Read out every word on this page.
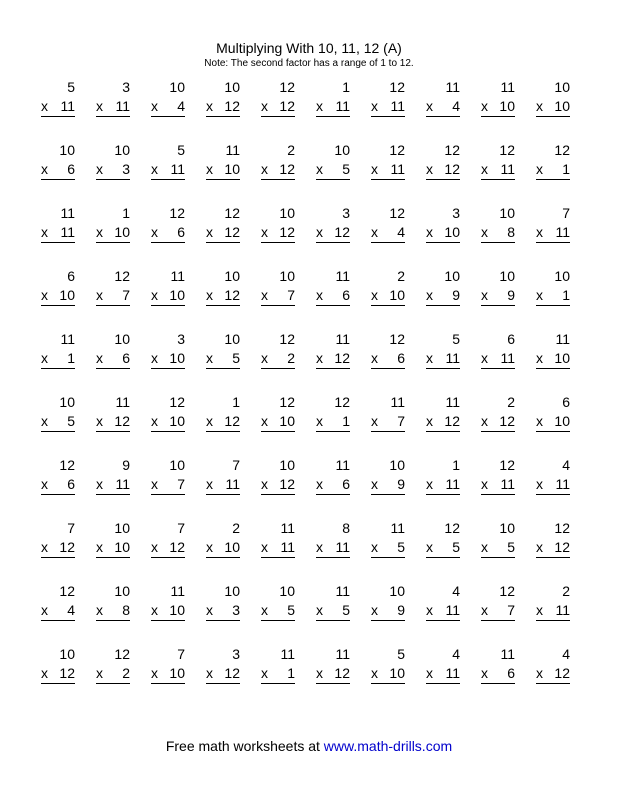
Multiplying With 10, 11, 12 (A)
Note: The second factor has a range of 1 to 12.
5
x 11
3
x 11
10
x 4
10
x 12
12
x 12
1
x 11
12
x 11
11
x 4
11
x 10
10
x 10
10
x 6
10
x 3
5
x 11
11
x 10
2
x 12
10
x 5
12
x 11
12
x 12
12
x 11
12
x 1
11
x 11
1
x 10
12
x 6
12
x 12
10
x 12
3
x 12
12
x 4
3
x 10
10
x 8
7
x 11
6
x 10
12
x 7
11
x 10
10
x 12
10
x 7
11
x 6
2
x 10
10
x 9
10
x 9
10
x 1
11
x 1
10
x 6
3
x 10
10
x 5
12
x 2
11
x 12
12
x 6
5
x 11
6
x 11
11
x 10
10
x 5
11
x 12
12
x 10
1
x 12
12
x 10
12
x 1
11
x 7
11
x 12
2
x 12
6
x 10
12
x 6
9
x 11
10
x 7
7
x 11
10
x 12
11
x 6
10
x 9
1
x 11
12
x 11
4
x 11
7
x 12
10
x 10
7
x 12
2
x 10
11
x 11
8
x 11
11
x 5
12
x 5
10
x 5
12
x 12
12
x 4
10
x 8
11
x 10
10
x 3
10
x 5
11
x 5
10
x 9
4
x 11
12
x 7
2
x 11
10
x 12
12
x 2
7
x 10
3
x 12
11
x 1
11
x 12
5
x 10
4
x 11
11
x 6
4
x 12
Free math worksheets at www.math-drills.com
